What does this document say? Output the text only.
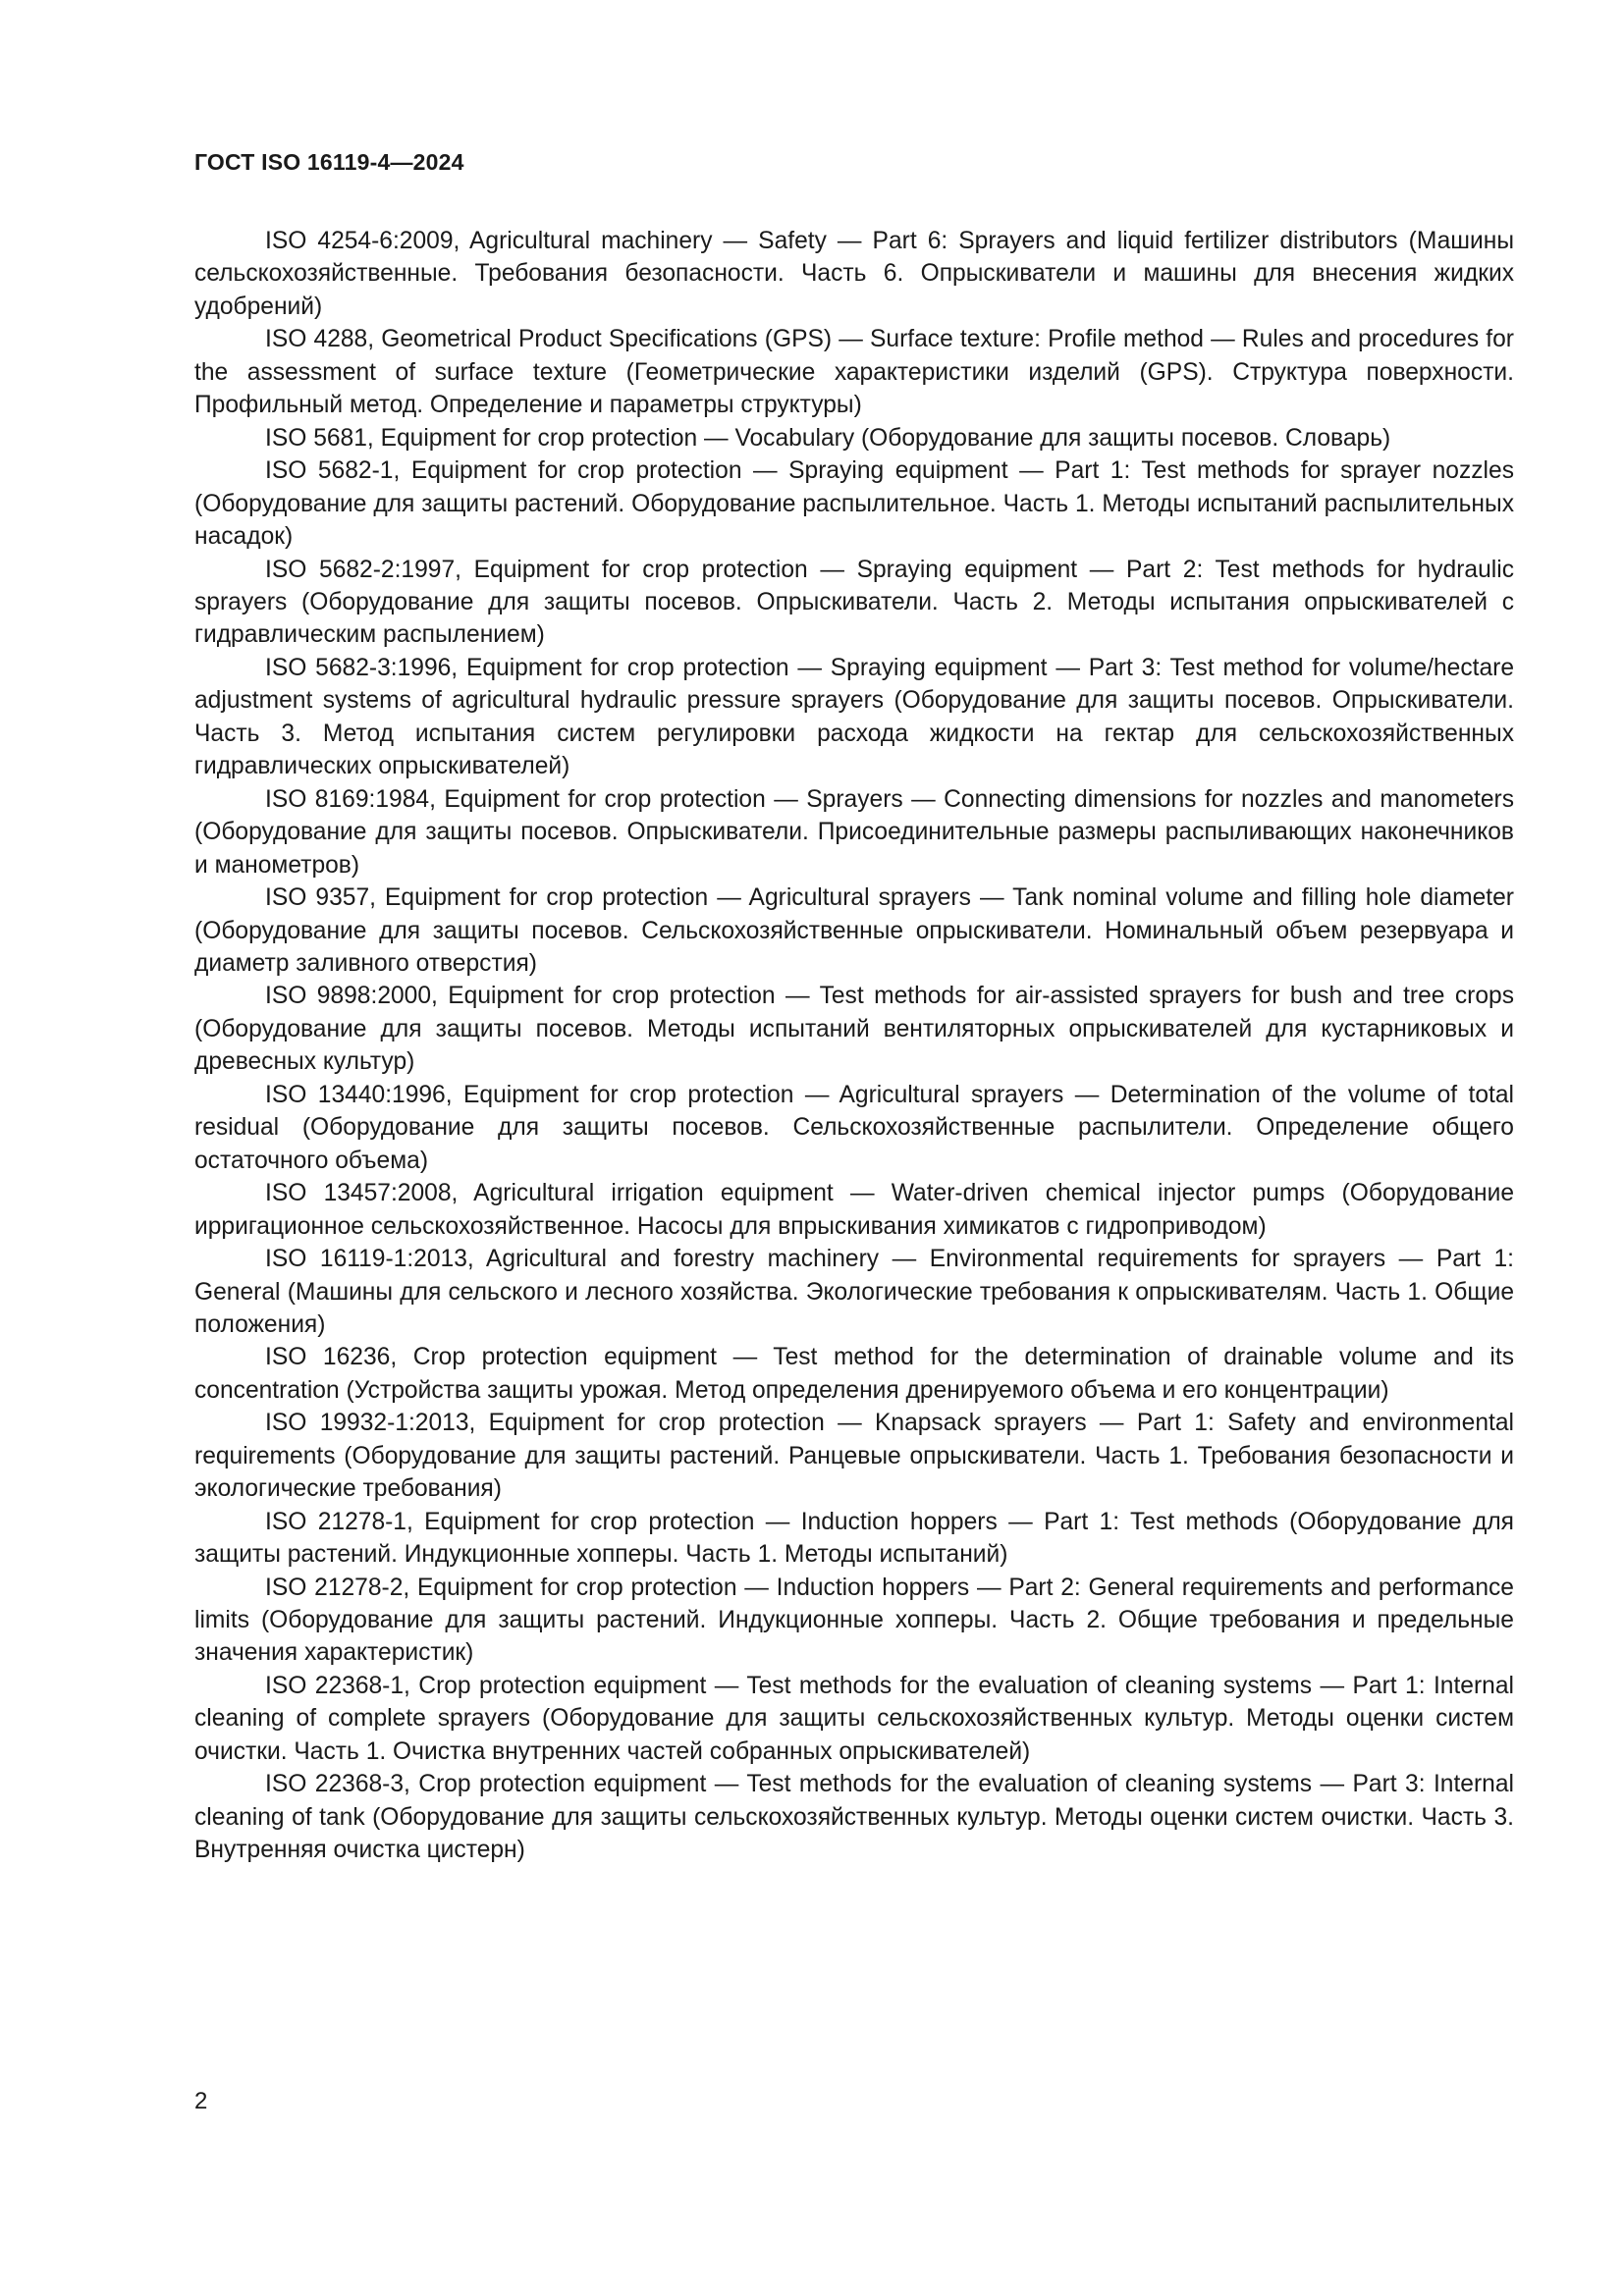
ГОСТ ISO 16119-4—2024

ISO 4254-6:2009, Agricultural machinery — Safety — Part 6: Sprayers and liquid fertilizer distributors (Машины сельскохозяйственные. Требования безопасности. Часть 6. Опрыскиватели и машины для внесения жидких удобрений)

ISO 4288, Geometrical Product Specifications (GPS) — Surface texture: Profile method — Rules and procedures for the assessment of surface texture (Геометрические характеристики изделий (GPS). Структура поверхности. Профильный метод. Определение и параметры структуры)

ISO 5681, Equipment for crop protection — Vocabulary (Оборудование для защиты посевов. Словарь)

ISO 5682-1, Equipment for crop protection — Spraying equipment — Part 1: Test methods for sprayer nozzles (Оборудование для защиты растений. Оборудование распылительное. Часть 1. Методы испытаний распылительных насадок)

ISO 5682-2:1997, Equipment for crop protection — Spraying equipment — Part 2: Test methods for hydraulic sprayers (Оборудование для защиты посевов. Опрыскиватели. Часть 2. Методы испытания опрыскивателей с гидравлическим распылением)

ISO 5682-3:1996, Equipment for crop protection — Spraying equipment — Part 3: Test method for volume/hectare adjustment systems of agricultural hydraulic pressure sprayers (Оборудование для защиты посевов. Опрыскиватели. Часть 3. Метод испытания систем регулировки расхода жидкости на гектар для сельскохозяйственных гидравлических опрыскивателей)

ISO 8169:1984, Equipment for crop protection — Sprayers — Connecting dimensions for nozzles and manometers (Оборудование для защиты посевов. Опрыскиватели. Присоединительные размеры распыливающих наконечников и манометров)

ISO 9357, Equipment for crop protection — Agricultural sprayers — Tank nominal volume and filling hole diameter (Оборудование для защиты посевов. Сельскохозяйственные опрыскиватели. Номинальный объем резервуара и диаметр заливного отверстия)

ISO 9898:2000, Equipment for crop protection — Test methods for air-assisted sprayers for bush and tree crops (Оборудование для защиты посевов. Методы испытаний вентиляторных опрыскивателей для кустарниковых и древесных культур)

ISO 13440:1996, Equipment for crop protection — Agricultural sprayers — Determination of the volume of total residual (Оборудование для защиты посевов. Сельскохозяйственные распылители. Определение общего остаточного объема)

ISO 13457:2008, Agricultural irrigation equipment — Water-driven chemical injector pumps (Оборудование ирригационное сельскохозяйственное. Насосы для впрыскивания химикатов с гидроприводом)

ISO 16119-1:2013, Agricultural and forestry machinery — Environmental requirements for sprayers — Part 1: General (Машины для сельского и лесного хозяйства. Экологические требования к опрыскивателям. Часть 1. Общие положения)

ISO 16236, Crop protection equipment — Test method for the determination of drainable volume and its concentration (Устройства защиты урожая. Метод определения дренируемого объема и его концентрации)

ISO 19932-1:2013, Equipment for crop protection — Knapsack sprayers — Part 1: Safety and environmental requirements (Оборудование для защиты растений. Ранцевые опрыскиватели. Часть 1. Требования безопасности и экологические требования)

ISO 21278-1, Equipment for crop protection — Induction hoppers — Part 1: Test methods (Оборудование для защиты растений. Индукционные хопперы. Часть 1. Методы испытаний)

ISO 21278-2, Equipment for crop protection — Induction hoppers — Part 2: General requirements and performance limits (Оборудование для защиты растений. Индукционные хопперы. Часть 2. Общие требования и предельные значения характеристик)

ISO 22368-1, Crop protection equipment — Test methods for the evaluation of cleaning systems — Part 1: Internal cleaning of complete sprayers (Оборудование для защиты сельскохозяйственных культур. Методы оценки систем очистки. Часть 1. Очистка внутренних частей собранных опрыскивателей)

ISO 22368-3, Crop protection equipment — Test methods for the evaluation of cleaning systems — Part 3: Internal cleaning of tank (Оборудование для защиты сельскохозяйственных культур. Методы оценки систем очистки. Часть 3. Внутренняя очистка цистерн)

2
